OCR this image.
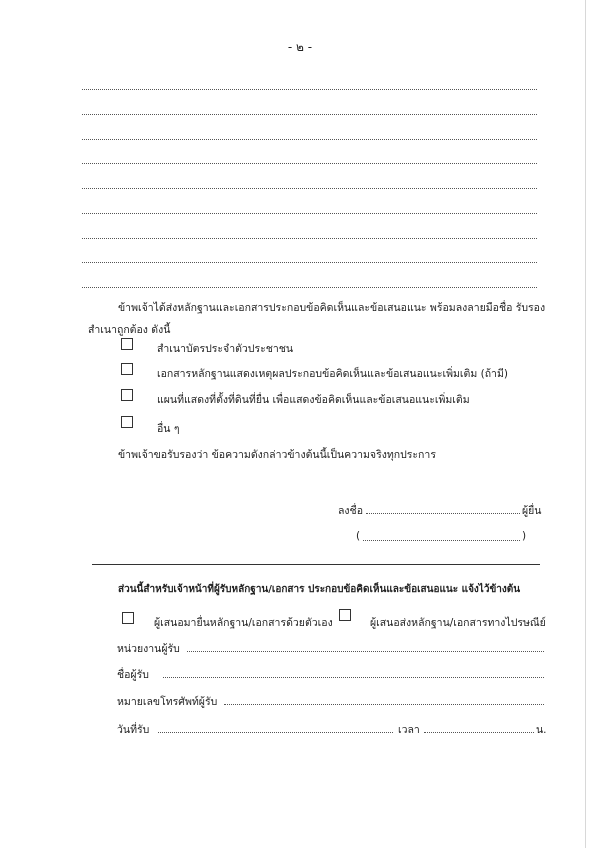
- ๒ -
ข้าพเจ้าได้ส่งหลักฐานและเอกสารประกอบข้อคิดเห็นและข้อเสนอแนะ พร้อมลงลายมือชื่อ รับรอง
สำเนาถูกต้อง ดังนี้
สำเนาบัตรประจำตัวประชาชน
เอกสารหลักฐานแสดงเหตุผลประกอบข้อคิดเห็นและข้อเสนอแนะเพิ่มเติม (ถ้ามี)
แผนที่แสดงที่ตั้งที่ดินที่ยื่น เพื่อแสดงข้อคิดเห็นและข้อเสนอแนะเพิ่มเติม
อื่น ๆ
ข้าพเจ้าขอรับรองว่า ข้อความดังกล่าวข้างต้นนี้เป็นความจริงทุกประการ
ลงชื่อ	ผู้ยื่น
(	)
ส่วนนี้สำหรับเจ้าหน้าที่ผู้รับหลักฐาน/เอกสาร ประกอบข้อคิดเห็นและข้อเสนอแนะ แจ้งไว้ข้างต้น
ผู้เสนอมายื่นหลักฐาน/เอกสารด้วยตัวเอง	ผู้เสนอส่งหลักฐาน/เอกสารทางไปรษณีย์
หน่วยงานผู้รับ
ชื่อผู้รับ
หมายเลขโทรศัพท์ผู้รับ
วันที่รับ	เวลา	น.
